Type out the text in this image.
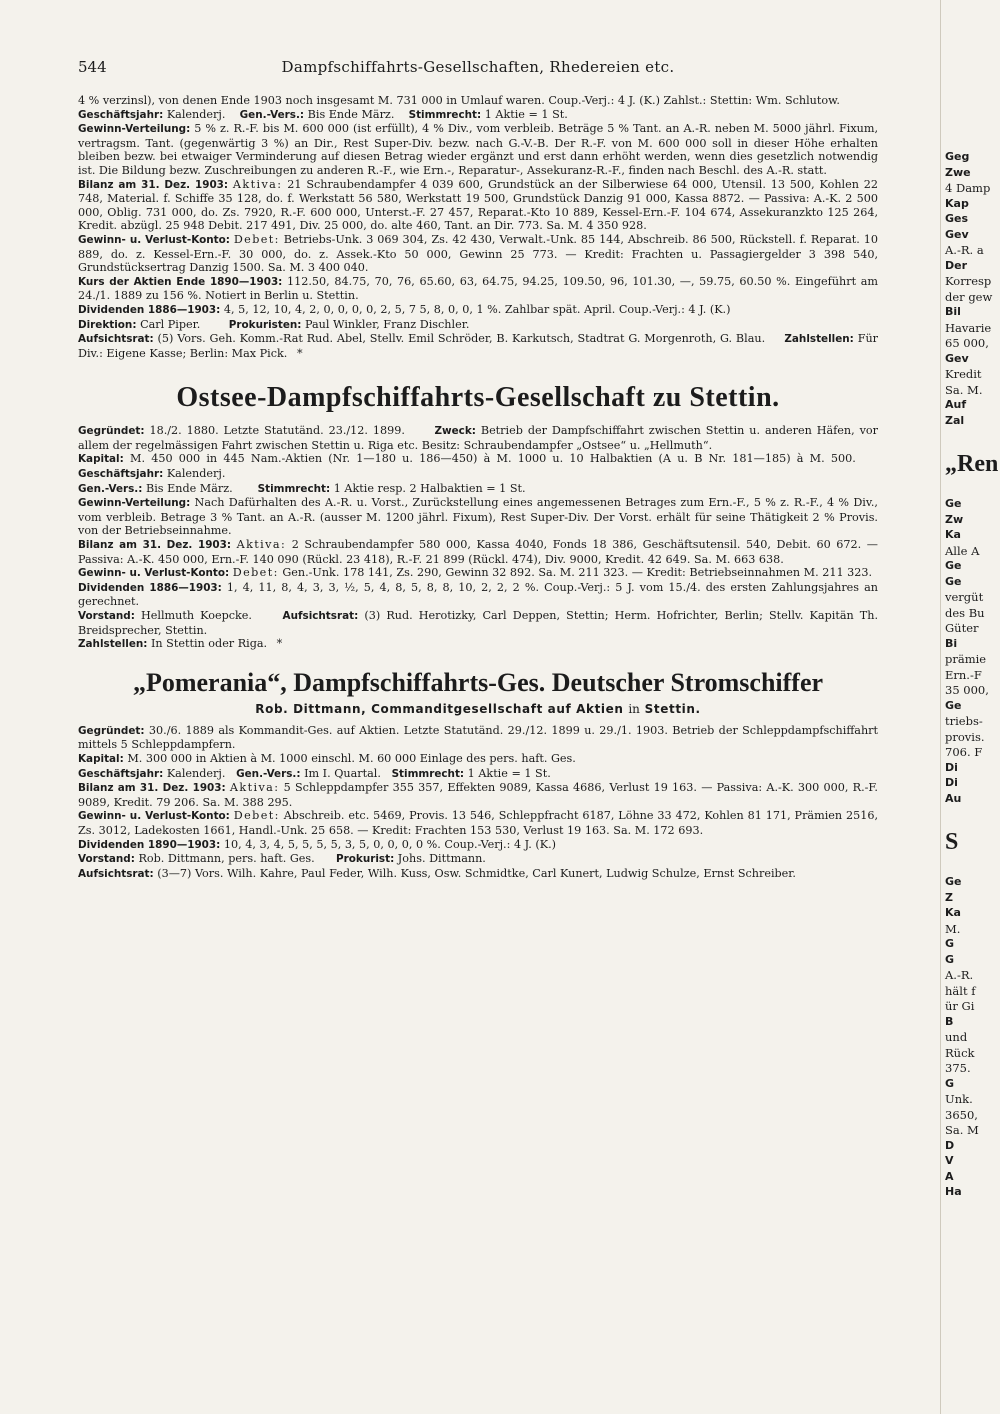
544	Dampfschiffahrts-Gesellschaften, Rhedereien etc.

4 % verzinsl), von denen Ende 1903 noch insgesamt M. 731 000 in Umlauf waren. Coup.-Verj.: 4 J. (K.) Zahlst.: Stettin: Wm. Schlutow.

Geschäftsjahr: Kalenderj. Gen.-Vers.: Bis Ende März. Stimmrecht: 1 Aktie = 1 St.

Gewinn-Verteilung: 5 % z. R.-F. bis M. 600 000 (ist erfüllt), 4 % Div., vom verbleib. Beträge 5 % Tant. an A.-R. neben M. 5000 jährl. Fixum, vertragsm. Tant. (gegenwärtig 3 %) an Dir., Rest Super-Div. bezw. nach G.-V.-B. Der R.-F. von M. 600 000 soll in dieser Höhe erhalten bleiben bezw. bei etwaiger Verminderung auf diesen Betrag wieder ergänzt und erst dann erhöht werden, wenn dies gesetzlich notwendig ist. Die Bildung bezw. Zuschreibungen zu anderen R.-F., wie Ern.-, Reparatur-, Assekuranz-R.-F., finden nach Beschl. des A.-R. statt.

Bilanz am 31. Dez. 1903: Aktiva: 21 Schraubendampfer 4 039 600, Grundstück an der Silberwiese 64 000, Utensil. 13 500, Kohlen 22 748, Material. f. Schiffe 35 128, do. f. Werkstatt 56 580, Werkstatt 19 500, Grundstück Danzig 91 000, Kassa 8872. — Passiva: A.-K. 2 500 000, Oblig. 731 000, do. Zs. 7920, R.-F. 600 000, Unterst.-F. 27 457, Reparat.-Kto 10 889, Kessel-Ern.-F. 104 674, Assekuranzkto 125 264, Kredit. abzügl. 25 948 Debit. 217 491, Div. 25 000, do. alte 460, Tant. an Dir. 773. Sa. M. 4 350 928.

Gewinn- u. Verlust-Konto: Debet: Betriebs-Unk. 3 069 304, Zs. 42 430, Verwalt.-Unk. 85 144, Abschreib. 86 500, Rückstell. f. Reparat. 10 889, do. z. Kessel-Ern.-F. 30 000, do. z. Assek.-Kto 50 000, Gewinn 25 773. — Kredit: Frachten u. Passagiergelder 3 398 540, Grundstücksertrag Danzig 1500. Sa. M. 3 400 040.

Kurs der Aktien Ende 1890—1903: 112.50, 84.75, 70, 76, 65.60, 63, 64.75, 94.25, 109.50, 96, 101.30, —, 59.75, 60.50 %. Eingeführt am 24./1. 1889 zu 156 %. Notiert in Berlin u. Stettin.

Dividenden 1886—1903: 4, 5, 12, 10, 4, 2, 0, 0, 0, 0, 2, 5, 7 5, 8, 0, 0, 1 %. Zahlbar spät. April. Coup.-Verj.: 4 J. (K.)

Direktion: Carl Piper.	Prokuristen: Paul Winkler, Franz Dischler.

Aufsichtsrat: (5) Vors. Geh. Komm.-Rat Rud. Abel, Stellv. Emil Schröder, B. Karkutsch, Stadtrat G. Morgenroth, G. Blau. Zahlstellen: Für Div.: Eigene Kasse; Berlin: Max Pick. *

Ostsee-Dampfschiffahrts-Gesellschaft zu Stettin.

Gegründet: 18./2. 1880. Letzte Statutänd. 23./12. 1899.	Zweck: Betrieb der Dampfschiffahrt zwischen Stettin u. anderen Häfen, vor allem der regelmässigen Fahrt zwischen Stettin u. Riga etc. Besitz: Schraubendampfer „Ostsee“ u. „Hellmuth“.

Kapital: M. 450 000 in 445 Nam.-Aktien (Nr. 1—180 u. 186—450) à M. 1000 u. 10 Halbaktien (A u. B Nr. 181—185) à M. 500.     Geschäftsjahr: Kalenderj.

Gen.-Vers.: Bis Ende März. Stimmrecht: 1 Aktie resp. 2 Halbaktien = 1 St.

Gewinn-Verteilung: Nach Dafürhalten des A.-R. u. Vorst., Zurückstellung eines angemessenen Betrages zum Ern.-F., 5 % z. R.-F., 4 % Div., vom verbleib. Betrage 3 % Tant. an A.-R. (ausser M. 1200 jährl. Fixum), Rest Super-Div. Der Vorst. erhält für seine Thätigkeit 2 % Provis. von der Betriebseinnahme.

Bilanz am 31. Dez. 1903: Aktiva: 2 Schraubendampfer 580 000, Kassa 4040, Fonds 18 386, Geschäftsutensil. 540, Debit. 60 672. — Passiva: A.-K. 450 000, Ern.-F. 140 090 (Rückl. 23 418), R.-F. 21 899 (Rückl. 474), Div. 9000, Kredit. 42 649. Sa. M. 663 638.

Gewinn- u. Verlust-Konto: Debet: Gen.-Unk. 178 141, Zs. 290, Gewinn 32 892. Sa. M. 211 323. — Kredit: Betriebseinnahmen M. 211 323.

Dividenden 1886—1903: 1, 4, 11, 8, 4, 3, 3, ½, 5, 4, 8, 5, 8, 8, 10, 2, 2, 2 %. Coup.-Verj.: 5 J. vom 15./4. des ersten Zahlungsjahres an gerechnet.

Vorstand: Hellmuth Koepcke.	Aufsichtsrat: (3) Rud. Herotizky, Carl Deppen, Stettin; Herm. Hofrichter, Berlin; Stellv. Kapitän Th. Breidsprecher, Stettin.

Zahlstellen: In Stettin oder Riga. *

„Pomerania“, Dampfschiffahrts-Ges. Deutscher Stromschiffer
Rob. Dittmann, Commanditgesellschaft auf Aktien in Stettin.

Gegründet: 30./6. 1889 als Kommandit-Ges. auf Aktien. Letzte Statutänd. 29./12. 1899 u. 29./1. 1903. Betrieb der Schleppdampfschiffahrt mittels 5 Schleppdampfern.

Kapital: M. 300 000 in Aktien à M. 1000 einschl. M. 60 000 Einlage des pers. haft. Ges.

Geschäftsjahr: Kalenderj. Gen.-Vers.: Im I. Quartal. Stimmrecht: 1 Aktie = 1 St.

Bilanz am 31. Dez. 1903: Aktiva: 5 Schleppdampfer 355 357, Effekten 9089, Kassa 4686, Verlust 19 163. — Passiva: A.-K. 300 000, R.-F. 9089, Kredit. 79 206. Sa. M. 388 295.

Gewinn- u. Verlust-Konto: Debet: Abschreib. etc. 5469, Provis. 13 546, Schleppfracht 6187, Löhne 33 472, Kohlen 81 171, Prämien 2516, Zs. 3012, Ladekosten 1661, Handl.-Unk. 25 658. — Kredit: Frachten 153 530, Verlust 19 163. Sa. M. 172 693.

Dividenden 1890—1903: 10, 4, 3, 4, 5, 5, 5, 5, 3, 5, 0, 0, 0, 0 %. Coup.-Verj.: 4 J. (K.)

Vorstand: Rob. Dittmann, pers. haft. Ges. Prokurist: Johs. Dittmann.

Aufsichtsrat: (3—7) Vors. Wilh. Kahre, Paul Feder, Wilh. Kuss, Osw. Schmidtke, Carl Kunert, Ludwig Schulze, Ernst Schreiber.

Geg
Zwe
4 Damp
Kap
Ges
Gev
A.-R. a
Der
Korresp
der gew
Bil
Havarie
65 000,
Gev
Kredit
Sa. M.
Auf
Zal
„Ren
Ge
Zw
Ka
Alle A
Ge
Ge
vergüt
des Bu
Güter
Bi
prämie
Ern.-F
35 000,
Ge
triebs-
provis.
706. F
Di
Di
Au
S
Ge
Z
Ka
M.
G
G
A.-R.
hält f
ür Gi
B
und
Rück
375.
G
Unk.
3650,
Sa. M
D
V
A
Ha
